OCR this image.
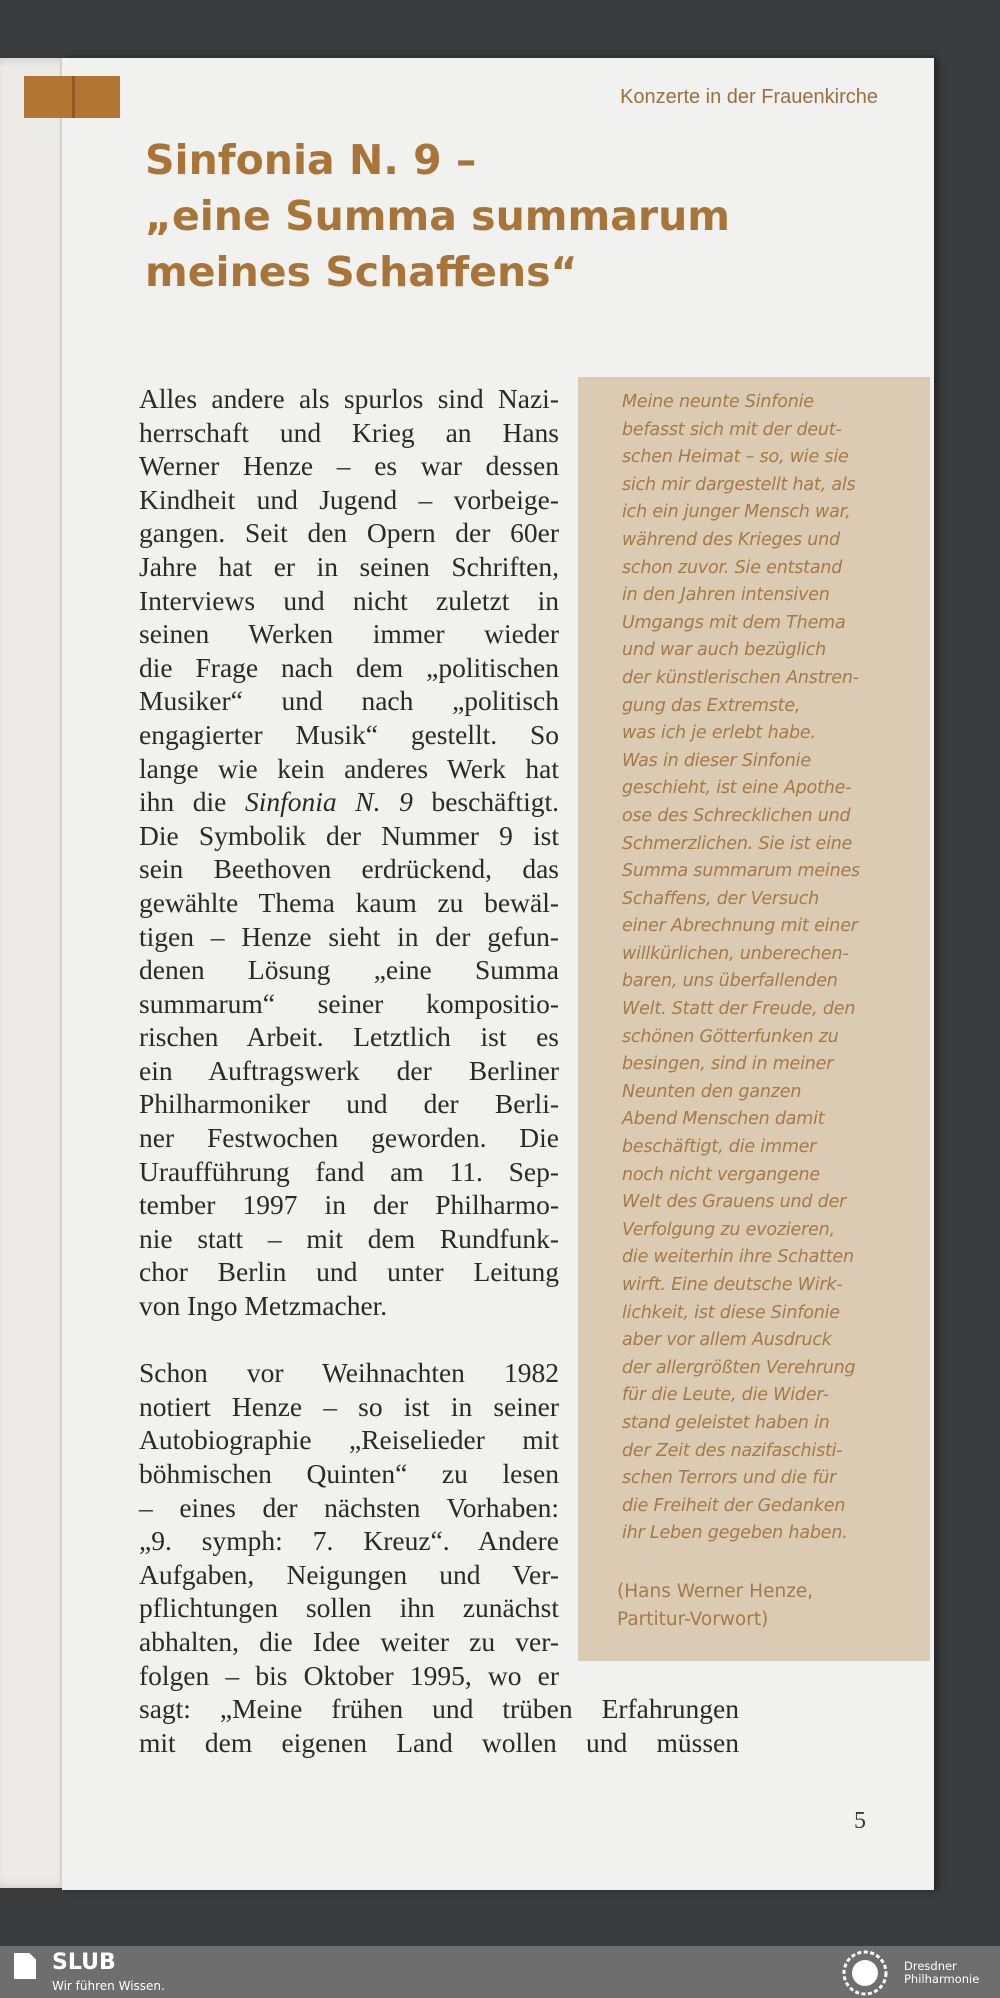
Konzerte in der Frauenkirche
Sinfonia N. 9 –
„eine Summa summarum
meines Schaffens“
Alles andere als spurlos sind Nazi-
herrschaft und Krieg an Hans
Werner Henze – es war dessen
Kindheit und Jugend – vorbeige-
gangen. Seit den Opern der 60er
Jahre hat er in seinen Schriften,
Interviews und nicht zuletzt in
seinen Werken immer wieder
die Frage nach dem „politischen
Musiker“ und nach „politisch
engagierter Musik“ gestellt. So
lange wie kein anderes Werk hat
ihn die Sinfonia N. 9 beschäftigt.
Die Symbolik der Nummer 9 ist
sein Beethoven erdrückend, das
gewählte Thema kaum zu bewäl-
tigen – Henze sieht in der gefun-
denen Lösung „eine Summa
summarum“ seiner kompositio-
rischen Arbeit. Letztlich ist es
ein Auftragswerk der Berliner
Philharmoniker und der Berli-
ner Festwochen geworden. Die
Uraufführung fand am 11. Sep-
tember 1997 in der Philharmo-
nie statt – mit dem Rundfunk-
chor Berlin und unter Leitung
von Ingo Metzmacher.
Schon vor Weihnachten 1982
notiert Henze – so ist in seiner
Autobiographie „Reiselieder mit
böhmischen Quinten“ zu lesen
– eines der nächsten Vorhaben:
„9. symph: 7. Kreuz“. Andere
Aufgaben, Neigungen und Ver-
pflichtungen sollen ihn zunächst
abhalten, die Idee weiter zu ver-
folgen – bis Oktober 1995, wo er
sagt: „Meine frühen und trüben Erfahrungen
mit dem eigenen Land wollen und müssen
Meine neunte Sinfonie
befasst sich mit der deut-
schen Heimat – so, wie sie
sich mir dargestellt hat, als
ich ein junger Mensch war,
während des Krieges und
schon zuvor. Sie entstand
in den Jahren intensiven
Umgangs mit dem Thema
und war auch bezüglich
der künstlerischen Anstren-
gung das Extremste,
was ich je erlebt habe.
Was in dieser Sinfonie
geschieht, ist eine Apothe-
ose des Schrecklichen und
Schmerzlichen. Sie ist eine
Summa summarum meines
Schaffens, der Versuch
einer Abrechnung mit einer
willkürlichen, unberechen-
baren, uns überfallenden
Welt. Statt der Freude, den
schönen Götterfunken zu
besingen, sind in meiner
Neunten den ganzen
Abend Menschen damit
beschäftigt, die immer
noch nicht vergangene
Welt des Grauens und der
Verfolgung zu evozieren,
die weiterhin ihre Schatten
wirft. Eine deutsche Wirk-
lichkeit, ist diese Sinfonie
aber vor allem Ausdruck
der allergrößten Verehrung
für die Leute, die Wider-
stand geleistet haben in
der Zeit des nazifaschisti-
schen Terrors und die für
die Freiheit der Gedanken
ihr Leben gegeben haben.
(Hans Werner Henze,
Partitur-Vorwort)
5
SLUB
Wir führen Wissen.
Dresdner
Philharmonie
